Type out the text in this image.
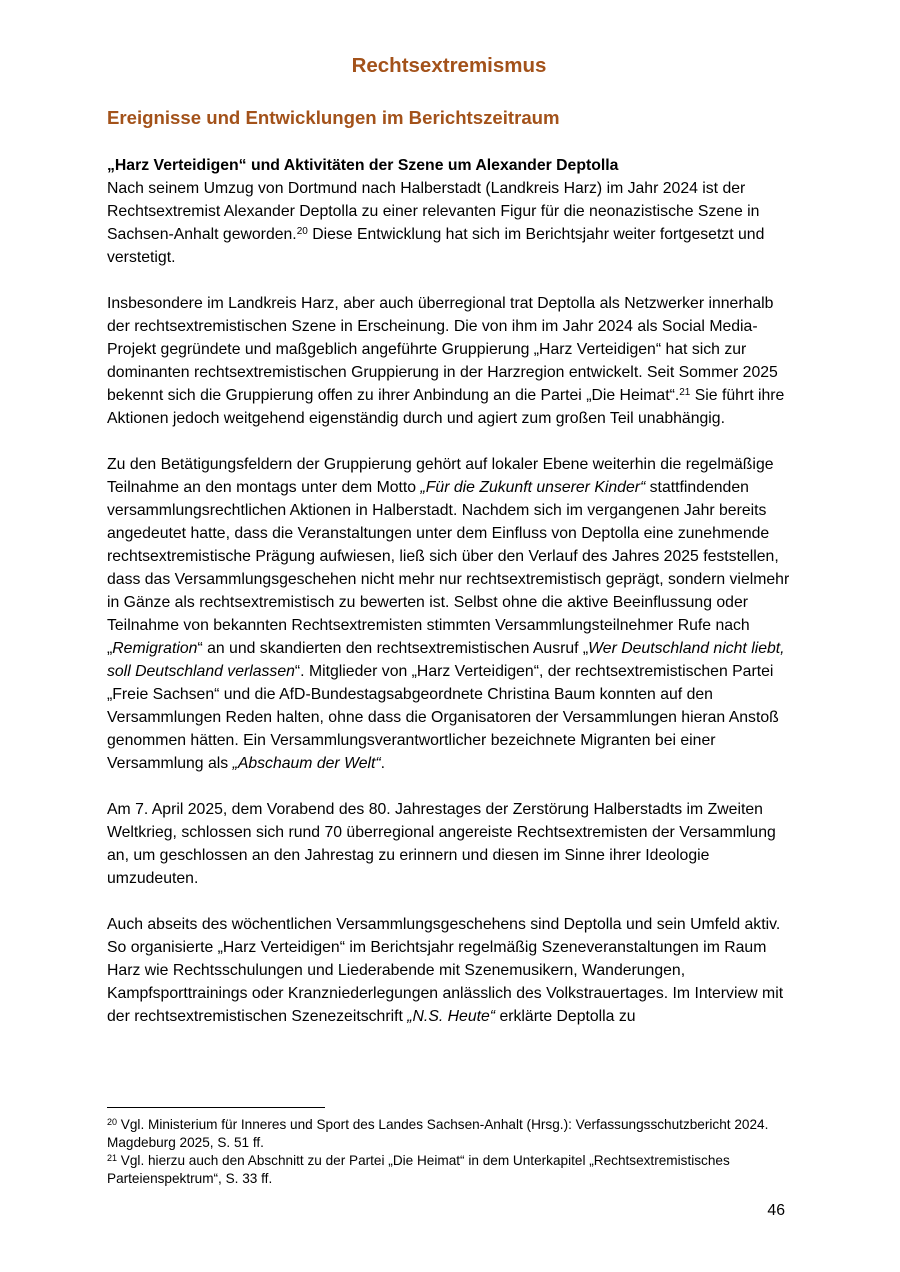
Rechtsextremismus
Ereignisse und Entwicklungen im Berichtszeitraum

„Harz Verteidigen“ und Aktivitäten der Szene um Alexander Deptolla
Nach seinem Umzug von Dortmund nach Halberstadt (Landkreis Harz) im Jahr 2024 ist der Rechtsextremist Alexander Deptolla zu einer relevanten Figur für die neonazistische Szene in Sachsen-Anhalt geworden.$^{20}$ Diese Entwicklung hat sich im Berichtsjahr weiter fortgesetzt und verstetigt.

Insbesondere im Landkreis Harz, aber auch überregional trat Deptolla als Netzwerker innerhalb der rechtsextremistischen Szene in Erscheinung. Die von ihm im Jahr 2024 als Social Media-Projekt gegründete und maßgeblich angeführte Gruppierung „Harz Verteidigen“ hat sich zur dominanten rechtsextremistischen Gruppierung in der Harzregion entwickelt. Seit Sommer 2025 bekennt sich die Gruppierung offen zu ihrer Anbindung an die Partei „Die Heimat“.$^{21}$ Sie führt ihre Aktionen jedoch weitgehend eigenständig durch und agiert zum großen Teil unabhängig.

Zu den Betätigungsfeldern der Gruppierung gehört auf lokaler Ebene weiterhin die regelmäßige Teilnahme an den montags unter dem Motto „Für die Zukunft unserer Kinder“ stattfindenden versammlungsrechtlichen Aktionen in Halberstadt. Nachdem sich im vergangenen Jahr bereits angedeutet hatte, dass die Veranstaltungen unter dem Einfluss von Deptolla eine zunehmende rechtsextremistische Prägung aufwiesen, ließ sich über den Verlauf des Jahres 2025 feststellen, dass das Versammlungsgeschehen nicht mehr nur rechtsextremistisch geprägt, sondern vielmehr in Gänze als rechtsextremistisch zu bewerten ist. Selbst ohne die aktive Beeinflussung oder Teilnahme von bekannten Rechtsextremisten stimmten Versammlungsteilnehmer Rufe nach „Remigration“ an und skandierten den rechtsextremistischen Ausruf „Wer Deutschland nicht liebt, soll Deutschland verlassen“. Mitglieder von „Harz Verteidigen“, der rechtsextremistischen Partei „Freie Sachsen“ und die AfD-Bundestagsabgeordnete Christina Baum konnten auf den Versammlungen Reden halten, ohne dass die Organisatoren der Versammlungen hieran Anstoß genommen hätten. Ein Versammlungsverantwortlicher bezeichnete Migranten bei einer Versammlung als „Abschaum der Welt“.

Am 7. April 2025, dem Vorabend des 80. Jahrestages der Zerstörung Halberstadts im Zweiten Weltkrieg, schlossen sich rund 70 überregional angereiste Rechtsextremisten der Versammlung an, um geschlossen an den Jahrestag zu erinnern und diesen im Sinne ihrer Ideologie umzudeuten.

Auch abseits des wöchentlichen Versammlungsgeschehens sind Deptolla und sein Umfeld aktiv. So organisierte „Harz Verteidigen“ im Berichtsjahr regelmäßig Szeneveranstaltungen im Raum Harz wie Rechtsschulungen und Liederabende mit Szenemusikern, Wanderungen, Kampfsporttrainings oder Kranzniederlegungen anlässlich des Volkstrauertages. Im Interview mit der rechtsextremistischen Szenezeitschrift „N.S. Heute“ erklärte Deptolla zu

$^{20}$ Vgl. Ministerium für Inneres und Sport des Landes Sachsen-Anhalt (Hrsg.): Verfassungsschutzbericht 2024. Magdeburg 2025, S. 51 ff.

$^{21}$ Vgl. hierzu auch den Abschnitt zu der Partei „Die Heimat“ in dem Unterkapitel „Rechtsextremistisches Parteienspektrum“, S. 33 ff.

46
